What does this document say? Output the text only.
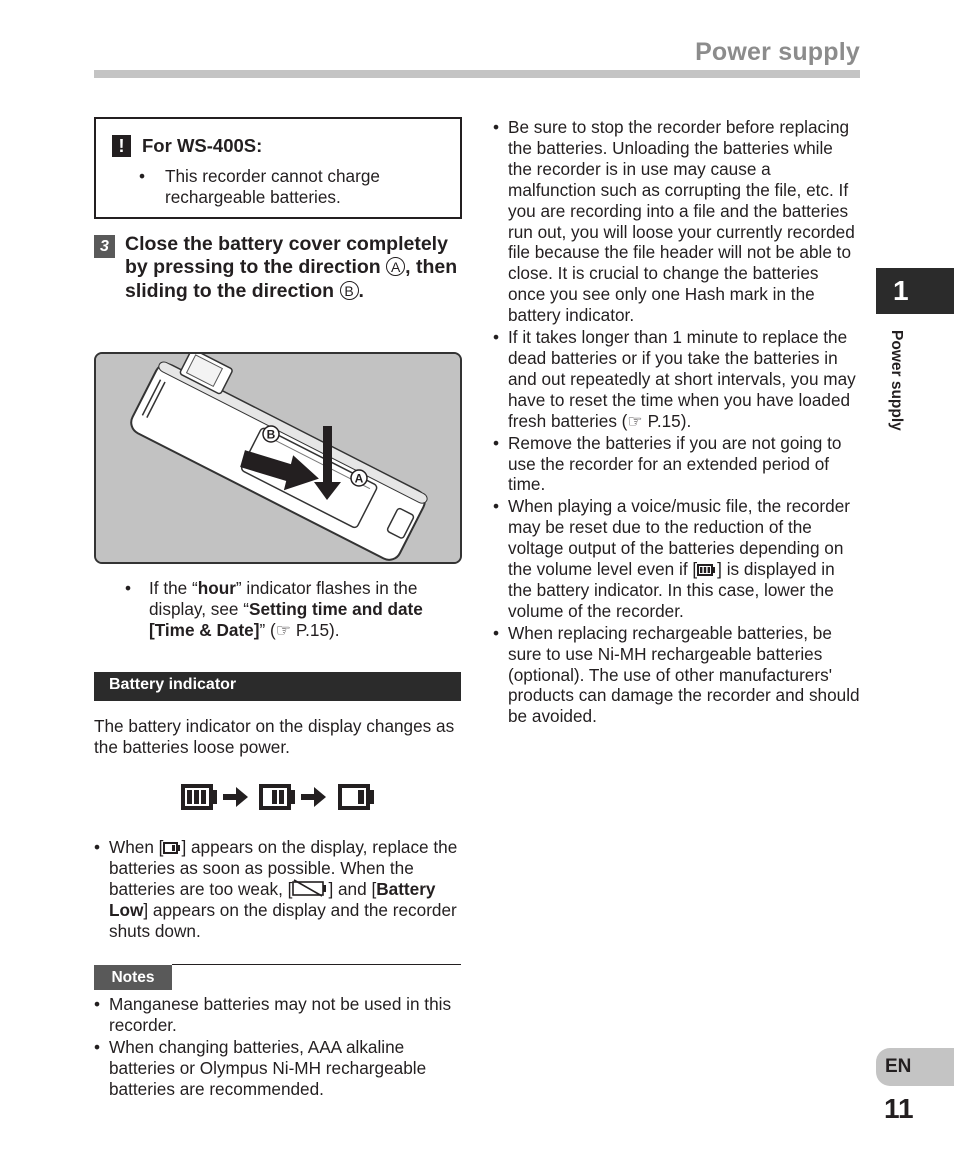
Power supply
! For WS-400S:
•	This recorder cannot charge rechargeable batteries.
3 Close the battery cover completely by pressing to the direction A , then sliding to the direction B .
B
A
• If the “hour” indicator flashes in the display, see “Setting time and date [Time & Date]” (☞ P.15).
Battery indicator
The battery indicator on the display changes as the batteries loose power.
• When [ ] appears on the display, replace the batteries as soon as possible. When the batteries are too weak, [ ] and [Battery Low] appears on the display and the recorder shuts down.
Notes
• Manganese batteries may not be used in this recorder.
• When changing batteries, AAA alkaline batteries or Olympus Ni-MH rechargeable batteries are recommended.
• Be sure to stop the recorder before replacing the batteries. Unloading the batteries while the recorder is in use may cause a malfunction such as corrupting the file, etc. If you are recording into a file and the batteries run out, you will loose your currently recorded file because the file header will not be able to close. It is crucial to change the batteries once you see only one Hash mark in the battery indicator.
• If it takes longer than 1 minute to replace the dead batteries or if you take the batteries in and out repeatedly at short intervals, you may have to reset the time when you have loaded fresh batteries (☞ P.15).
• Remove the batteries if you are not going to use the recorder for an extended period of time.
• When playing a voice/music file, the recorder may be reset due to the reduction of the voltage output of the batteries depending on the volume level even if [ ] is displayed in the battery indicator. In this case, lower the volume of the recorder.
• When replacing rechargeable batteries, be sure to use Ni-MH rechargeable batteries (optional). The use of other manufacturers' products can damage the recorder and should be avoided.
1
Power supply
EN
11
